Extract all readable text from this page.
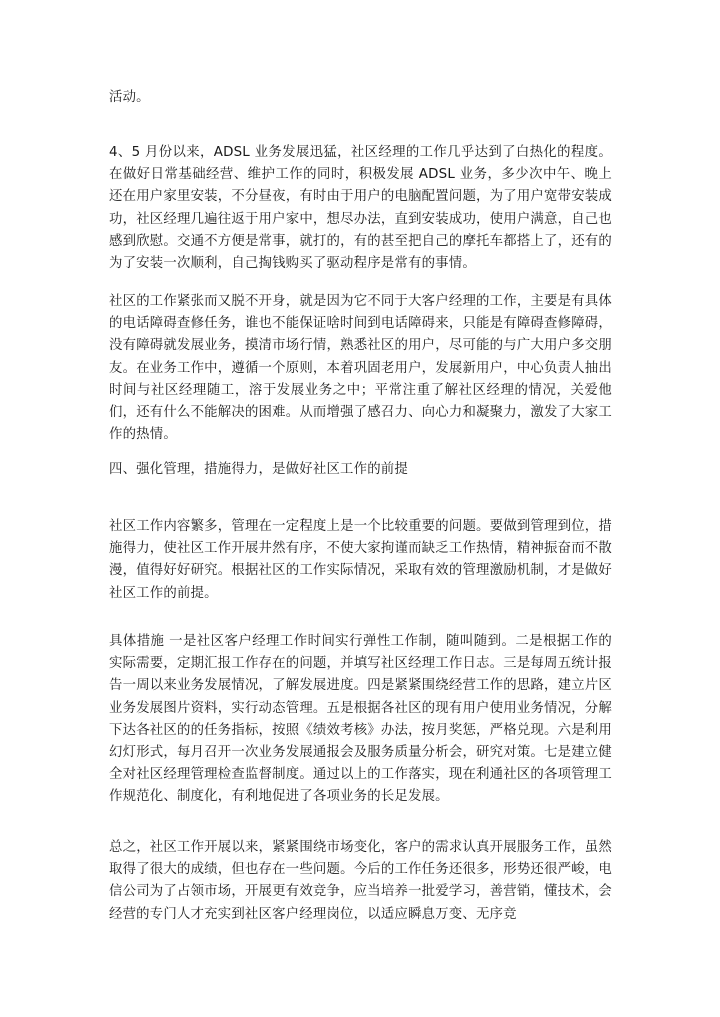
活动。

4、5 月份以来，ADSL 业务发展迅猛，社区经理的工作几乎达到了白热化的程度。在做好日常基础经营、维护工作的同时，积极发展 ADSL 业务，多少次中午、晚上还在用户家里安装，不分昼夜，有时由于用户的电脑配置问题，为了用户宽带安装成功，社区经理几遍往返于用户家中，想尽办法，直到安装成功，使用户满意，自己也感到欣慰。交通不方便是常事，就打的，有的甚至把自己的摩托车都搭上了，还有的为了安装一次顺利，自己掏钱购买了驱动程序是常有的事情。

社区的工作紧张而又脱不开身，就是因为它不同于大客户经理的工作，主要是有具体的电话障碍查修任务，谁也不能保证啥时间到电话障碍来，只能是有障碍查修障碍，没有障碍就发展业务，摸清市场行情，熟悉社区的用户，尽可能的与广大用户多交朋友。在业务工作中，遵循一个原则，本着巩固老用户，发展新用户，中心负责人抽出时间与社区经理随工，溶于发展业务之中；平常注重了解社区经理的情况，关爱他们，还有什么不能解决的困难。从而增强了感召力、向心力和凝聚力，激发了大家工作的热情。

四、强化管理，措施得力，是做好社区工作的前提

社区工作内容繁多，管理在一定程度上是一个比较重要的问题。要做到管理到位，措施得力，使社区工作开展井然有序，不使大家拘谨而缺乏工作热情，精神振奋而不散漫，值得好好研究。根据社区的工作实际情况，采取有效的管理激励机制，才是做好社区工作的前提。

具体措施 一是社区客户经理工作时间实行弹性工作制，随叫随到。二是根据工作的实际需要，定期汇报工作存在的问题，并填写社区经理工作日志。三是每周五统计报告一周以来业务发展情况，了解发展进度。四是紧紧围绕经营工作的思路，建立片区业务发展图片资料，实行动态管理。五是根据各社区的现有用户使用业务情况，分解下达各社区的的任务指标，按照《绩效考核》办法，按月奖惩，严格兑现。六是利用幻灯形式，每月召开一次业务发展通报会及服务质量分析会，研究对策。七是建立健全对社区经理管理检查监督制度。通过以上的工作落实，现在利通社区的各项管理工作规范化、制度化，有利地促进了各项业务的长足发展。

总之，社区工作开展以来，紧紧围绕市场变化，客户的需求认真开展服务工作，虽然取得了很大的成绩，但也存在一些问题。今后的工作任务还很多，形势还很严峻，电信公司为了占领市场，开展更有效竞争，应当培养一批爱学习，善营销，懂技术，会经营的专门人才充实到社区客户经理岗位，以适应瞬息万变、无序竞
